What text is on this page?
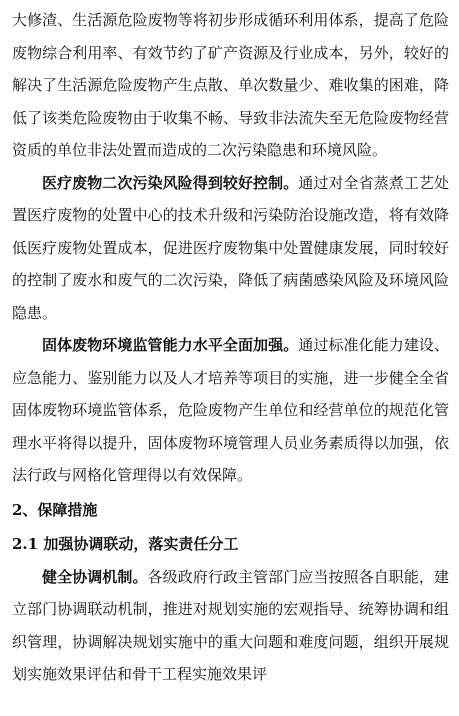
大修渣、生活源危险废物等将初步形成循环利用体系，提高了危险废物综合利用率、有效节约了矿产资源及行业成本，另外，较好的解决了生活源危险废物产生点散、单次数量少、难收集的困难，降低了该类危险废物由于收集不畅、导致非法流失至无危险废物经营资质的单位非法处置而造成的二次污染隐患和环境风险。

医疗废物二次污染风险得到较好控制。通过对全省蒸煮工艺处置医疗废物的处置中心的技术升级和污染防治设施改造，将有效降低医疗废物处置成本，促进医疗废物集中处置健康发展，同时较好的控制了废水和废气的二次污染，降低了病菌感染风险及环境风险隐患。

固体废物环境监管能力水平全面加强。通过标准化能力建设、应急能力、鉴别能力以及人才培养等项目的实施，进一步健全全省固体废物环境监管体系，危险废物产生单位和经营单位的规范化管理水平将得以提升，固体废物环境管理人员业务素质得以加强，依法行政与网格化管理得以有效保障。

2、保障措施
2.1 加强协调联动，落实责任分工

健全协调机制。各级政府行政主管部门应当按照各自职能，建立部门协调联动机制，推进对规划实施的宏观指导、统筹协调和组织管理，协调解决规划实施中的重大问题和难度问题，组织开展规划实施效果评估和骨干工程实施效果评
